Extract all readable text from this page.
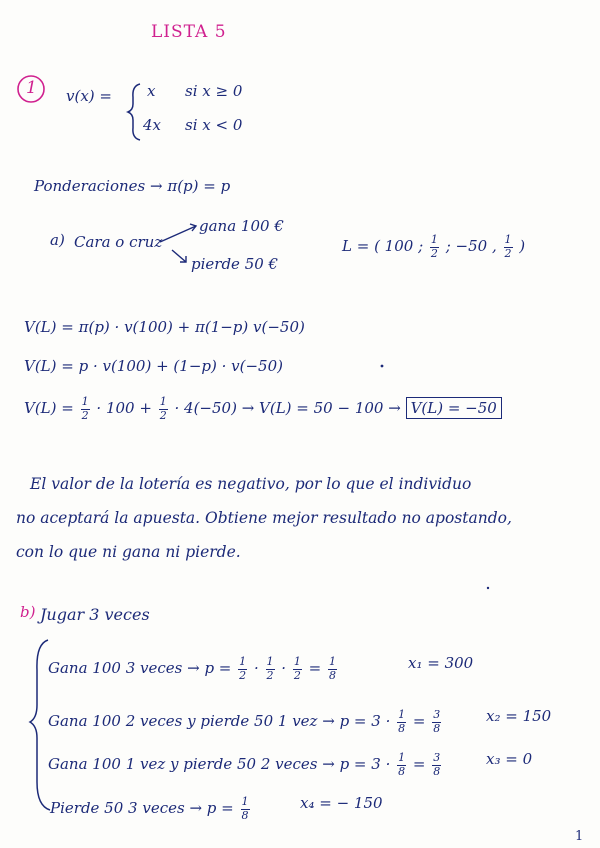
LISTA 5
1 v(x) = x si x ≥ 0
4x si x < 0
Ponderaciones → π(p) = p
a) Cara o cruz
gana 100 €
pierde 50 €
L = ( 100 ; $\frac{1}{2}$ ; −50 , $\frac{1}{2}$ )
V(L) = π(p) · v(100) + π(1−p) v(−50)
V(L) = p · v(100) + (1−p) · v(−50)
$V(L) = \frac{1}{2} \cdot 100 + \frac{1}{2} \cdot 4(-50) \to V(L) = 50 - 100 \to V(L) = -50$
El valor de la lotería es negativo, por lo que el individuo
no aceptará la apuesta. Obtiene mejor resultado no apostando,
con lo que ni gana ni pierde.
b) Jugar 3 veces
Gana 100 3 veces → $p = \frac{1}{2} \cdot \frac{1}{2} \cdot \frac{1}{2} = \frac{1}{8}$	x₁ = 300
Gana 100 2 veces y pierde 50 1 vez → $p = 3 \cdot \frac{1}{8} = \frac{3}{8}$	x₂ = 150
Gana 100 1 vez y pierde 50 2 veces → $p = 3 \cdot \frac{1}{8} = \frac{3}{8}$	x₃ = 0
Pierde 50 3 veces → $p = \frac{1}{8}$	x₄ = − 150
1
